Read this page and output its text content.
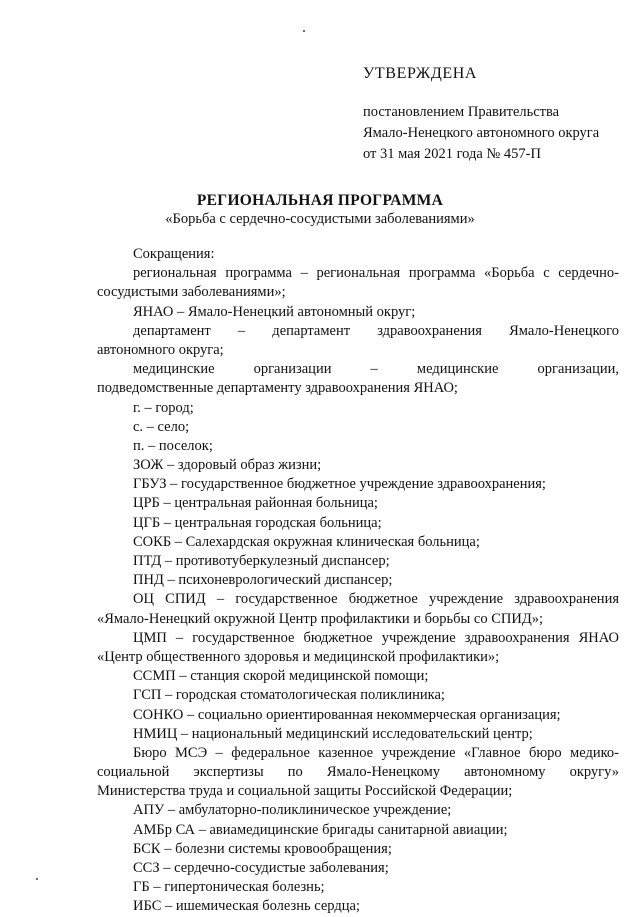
УТВЕРЖДЕНА
постановлением Правительства
Ямало-Ненецкого автономного округа
от 31 мая 2021 года № 457-П
РЕГИОНАЛЬНАЯ ПРОГРАММА
«Борьба с сердечно-сосудистыми заболеваниями»
Сокращения:
региональная программа – региональная программа «Борьба с сердечно-
сосудистыми заболеваниями»;
ЯНАО – Ямало-Ненецкий автономный округ;
департамент – департамент здравоохранения Ямало-Ненецкого
автономного округа;
медицинские организации – медицинские организации,
подведомственные департаменту здравоохранения ЯНАО;
г. – город;
с. – село;
п. – поселок;
ЗОЖ – здоровый образ жизни;
ГБУЗ – государственное бюджетное учреждение здравоохранения;
ЦРБ – центральная районная больница;
ЦГБ – центральная городская больница;
СОКБ – Салехардская окружная клиническая больница;
ПТД – противотуберкулезный диспансер;
ПНД – психоневрологический диспансер;
ОЦ СПИД – государственное бюджетное учреждение здравоохранения
«Ямало-Ненецкий окружной Центр профилактики и борьбы со СПИД»;
ЦМП – государственное бюджетное учреждение здравоохранения ЯНАО
«Центр общественного здоровья и медицинской профилактики»;
ССМП – станция скорой медицинской помощи;
ГСП – городская стоматологическая поликлиника;
СОНКО – социально ориентированная некоммерческая организация;
НМИЦ – национальный медицинский исследовательский центр;
Бюро МСЭ – федеральное казенное учреждение «Главное бюро медико-
социальной экспертизы по Ямало-Ненецкому автономному округу»
Министерства труда и социальной защиты Российской Федерации;
АПУ – амбулаторно-поликлиническое учреждение;
АМБр СА – авиамедицинские бригады санитарной авиации;
БСК – болезни системы кровообращения;
ССЗ – сердечно-сосудистые заболевания;
ГБ – гипертоническая болезнь;
ИБС – ишемическая болезнь сердца;
